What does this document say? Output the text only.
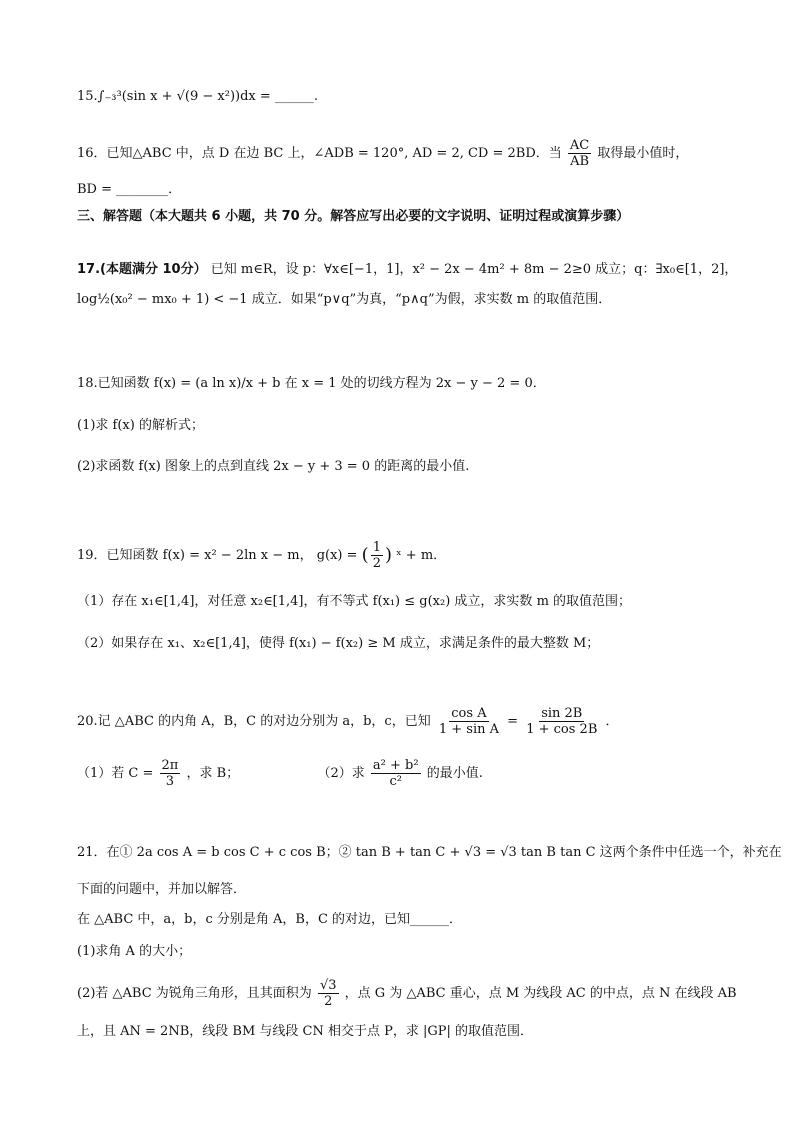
15.∫₋₃³(sin x + √(9 − x²))dx = ______.
16．已知△ABC 中，点 D 在边 BC 上，∠ADB = 120°, AD = 2, CD = 2BD．当 $\frac{AC}{AB}$ 取得最小值时，
BD = ________．
三、解答题（本大题共 6 小题，共 70 分。解答应写出必要的文字说明、证明过程或演算步骤）
17.(本题满分 10分） 已知 m∈R，设 p：∀x∈[−1，1]，x² − 2x − 4m² + 8m − 2≥0 成立；q：∃x₀∈[1，2]，
log½(x₀² − mx₀ + 1) < −1 成立．如果“p∨q”为真，“p∧q”为假，求实数 m 的取值范围．
18.已知函数 f(x) = (a ln x)/x + b 在 x = 1 处的切线方程为 2x − y − 2 = 0．
(1)求 f(x) 的解析式；
(2)求函数 f(x) 图象上的点到直线 2x − y + 3 = 0 的距离的最小值.
19．已知函数 f(x) = x² − 2ln x − m， g(x) = ( $\frac{1}{2}$ ) ˣ + m．
（1）存在 x₁∈[1,4]，对任意 x₂∈[1,4]，有不等式 f(x₁) ≤ g(x₂) 成立，求实数 m 的取值范围；
（2）如果存在 x₁、x₂∈[1,4]，使得 f(x₁) − f(x₂) ≥ M 成立，求满足条件的最大整数 M；
20.记 △ABC 的内角 A，B，C 的对边分别为 a，b，c，已知 $\frac{\text{cos A}}{\text{1 + sin A}} = \frac{\sin 2B}{1 + \cos 2B}$ ．
（1）若 $C = \frac{2\pi}{3}$ ，求 B；	（2）求 $\frac{\text{a² + b²}}{\text{c²}}$ 的最小值.
21．在① 2a cos A = b cos C + c cos B；② tan B + tan C + √3 = √3 tan B tan C 这两个条件中任选一个，补充在
下面的问题中，并加以解答．
在 △ABC 中，a，b，c 分别是角 A，B，C 的对边，已知______．
(1)求角 A 的大小；
(2)若 △ABC 为锐角三角形，且其面积为 $\frac{√3}{2}$ ，点 G 为 △ABC 重心，点 M 为线段 AC 的中点，点 N 在线段 AB
上，且 AN = 2NB，线段 BM 与线段 CN 相交于点 P，求 |GP| 的取值范围．
